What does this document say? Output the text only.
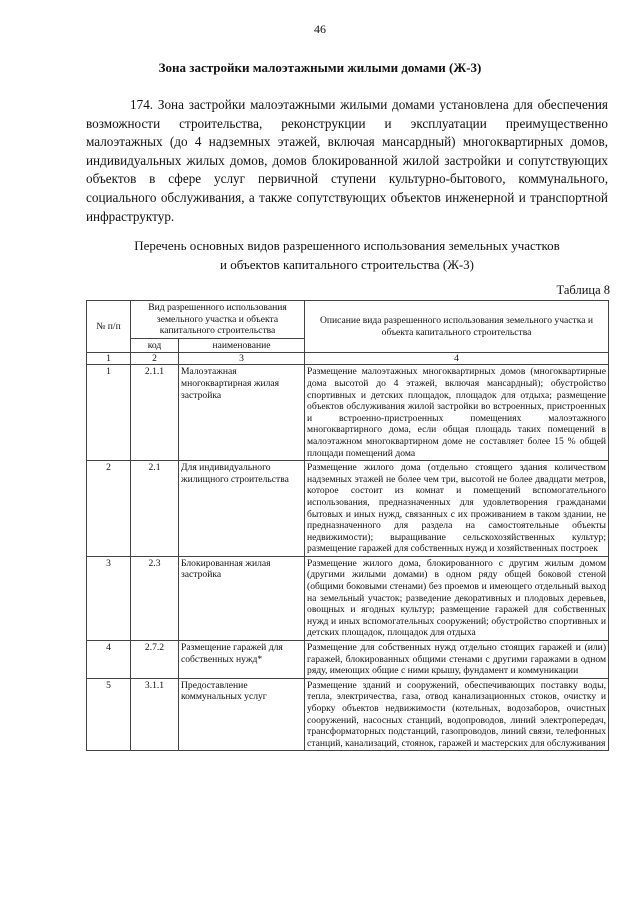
46
Зона застройки малоэтажными жилыми домами (Ж-3)

174. Зона застройки малоэтажными жилыми домами установлена для обеспечения возможности строительства, реконструкции и эксплуатации преимущественно малоэтажных (до 4 надземных этажей, включая мансардный) многоквартирных домов, индивидуальных жилых домов, домов блокированной жилой застройки и сопутствующих объектов в сфере услуг первичной ступени культурно-бытового, коммунального, социального обслуживания, а также сопутствующих объектов инженерной и транспортной инфраструктур.

Перечень основных видов разрешенного использования земельных участков
и объектов капитального строительства (Ж-3)
Таблица 8
№ п/п	Вид разрешенного использования земельного участка и объекта капитального строительства		Описание вида разрешенного использования земельного участка и объекта капитального строительства
	код	наименование	
1	2	3	4
1	2.1.1	Малоэтажная многоквартирная жилая застройка	Размещение малоэтажных многоквартирных домов (многоквартирные дома высотой до 4 этажей, включая мансардный); обустройство спортивных и детских площадок, площадок для отдыха; размещение объектов обслуживания жилой застройки во встроенных, пристроенных и встроенно-пристроенных помещениях малоэтажного многоквартирного дома, если общая площадь таких помещений в малоэтажном многоквартирном доме не составляет более 15 % общей площади помещений дома
2	2.1	Для индивидуального жилищного строительства	Размещение жилого дома (отдельно стоящего здания количеством надземных этажей не более чем три, высотой не более двадцати метров, которое состоит из комнат и помещений вспомогательного использования, предназначенных для удовлетворения гражданами бытовых и иных нужд, связанных с их проживанием в таком здании, не предназначенного для раздела на самостоятельные объекты недвижимости); выращивание сельскохозяйственных культур; размещение гаражей для собственных нужд и хозяйственных построек
3	2.3	Блокированная жилая застройка	Размещение жилого дома, блокированного с другим жилым домом (другими жилыми домами) в одном ряду общей боковой стеной (общими боковыми стенами) без проемов и имеющего отдельный выход на земельный участок; разведение декоративных и плодовых деревьев, овощных и ягодных культур; размещение гаражей для собственных нужд и иных вспомогательных сооружений; обустройство спортивных и детских площадок, площадок для отдыха
4	2.7.2	Размещение гаражей для собственных нужд*	Размещение для собственных нужд отдельно стоящих гаражей и (или) гаражей, блокированных общими стенами с другими гаражами в одном ряду, имеющих общие с ними крышу, фундамент и коммуникации
5	3.1.1	Предоставление коммунальных услуг	Размещение зданий и сооружений, обеспечивающих поставку воды, тепла, электричества, газа, отвод канализационных стоков, очистку и уборку объектов недвижимости (котельных, водозаборов, очистных сооружений, насосных станций, водопроводов, линий электропередач, трансформаторных подстанций, газопроводов, линий связи, телефонных станций, канализаций, стоянок, гаражей и мастерских для обслуживания
